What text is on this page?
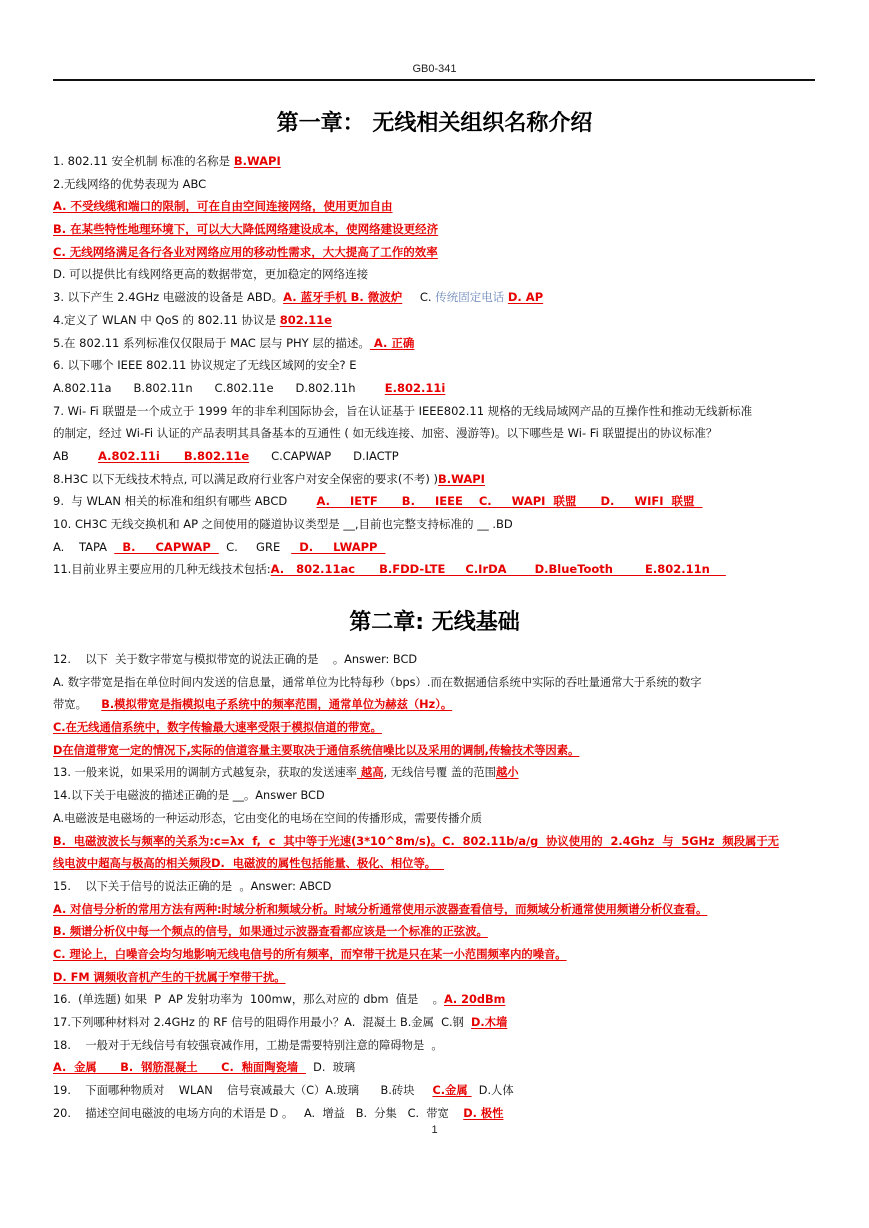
GB0-341
第一章： 无线相关组织名称介绍
1. 802.11 安全机制 标准的名称是 B.WAPI
2.无线网络的优势表现为 ABC
A. 不受线缆和端口的限制，可在自由空间连接网络，使用更加自由
B. 在某些特性地理环境下，可以大大降低网络建设成本，使网络建设更经济
C. 无线网络满足各行各业对网络应用的移动性需求，大大提高了工作的效率
D. 可以提供比有线网络更高的数据带宽，更加稳定的网络连接
3. 以下产生 2.4GHz 电磁波的设备是 ABD。A. 蓝牙手机 B. 微波炉 C. 传统固定电话 D. AP
4.定义了 WLAN 中 QoS 的 802.11 协议是 802.11e
5.在 802.11 系列标准仅仅限局于 MAC 层与 PHY 层的描述。 A. 正确
6. 以下哪个 IEEE 802.11 协议规定了无线区域网的安全? E
A.802.11a      B.802.11n      C.802.11e      D.802.11h        E.802.11i
7. Wi- Fi 联盟是一个成立于 1999 年的非牟利国际协会，旨在认证基于 IEEE802.11 规格的无线局域网产品的互操作性和推动无线新标准
的制定，经过 Wi-Fi 认证的产品表明其具备基本的互通性 ( 如无线连接、加密、漫游等)。以下哪些是 Wi- Fi 联盟提出的协议标准？
AB        A.802.11i      B.802.11e      C.CAPWAP      D.IACTP
8.H3C 以下无线技术特点, 可以满足政府行业客户对安全保密的要求(不考) )B.WAPI
9.  与 WLAN 相关的标准和组织有哪些 ABCD        A.     IETF      B.     IEEE    C.     WAPI  联盟      D.     WIFI  联盟
10. CH3C 无线交换机和 AP 之间使用的隧道协议类型是 __,目前也完整支持标准的 __ .BD
A.    TAPA    B.     CAPWAP    C.     GRE     D.     LWAPP
11.目前业界主要应用的几种无线技术包括:A.   802.11ac      B.FDD-LTE     C.IrDA       D.BlueTooth        E.802.11n
第二章: 无线基础
12.    以下  关于数字带宽与模拟带宽的说法正确的是    。Answer: BCD
A. 数字带宽是指在单位时间内发送的信息量，通常单位为比特每秒（bps）.而在数据通信系统中实际的吞吐量通常大于系统的数字
带宽。    B.模拟带宽是指模拟电子系统中的频率范围，通常单位为赫兹（Hz）。
C.在无线通信系统中，数字传输最大速率受限于模拟信道的带宽。
D在信道带宽一定的情况下,实际的信道容量主要取决于通信系统信噪比以及采用的调制,传输技术等因素。
13. 一般来说，如果采用的调制方式越复杂，获取的发送速率 越高, 无线信号覆 盖的范围越小
14.以下关于电磁波的描述正确的是 __。Answer BCD
A.电磁波是电磁场的一种运动形态，它由变化的电场在空间的传播形成，需要传播介质
B.  电磁波波长与频率的关系为:c=λx  f,  c  其中等于光速(3*10^8m/s)。C.  802.11b/a/g  协议使用的  2.4Ghz  与  5GHz  频段属于无
线电波中超高与极高的相关频段D.  电磁波的属性包括能量、极化、相位等。
15.    以下关于信号的说法正确的是  。Answer: ABCD
A. 对信号分析的常用方法有两种:时域分析和频域分析。时域分析通常使用示波器查看信号，而频域分析通常使用频谱分析仪查看。
B. 频谱分析仪中每一个频点的信号，如果通过示波器查看都应该是一个标准的正弦波。
C. 理论上，白噪音会均匀地影响无线电信号的所有频率，而窄带干扰是只在某一小范围频率内的噪音。
D. FM 调频收音机产生的干扰属于窄带干扰。
16.  (单选题) 如果  P  AP 发射功率为  100mw，那么对应的 dbm  值是    。A. 20dBm
17.下列哪种材料对 2.4GHz 的 RF 信号的阻碍作用最小？A.  混凝土 B.金属  C.钢  D.木墙
18.    一般对于无线信号有较强衰减作用，工勘是需要特别注意的障碍物是  。
A.  金属      B.  钢筋混凝土      C.  釉面陶瓷墙    D.  玻璃
19.    下面哪种物质对    WLAN    信号衰减最大（C）A.玻璃      B.砖块     C.金属   D.人体
20.    描述空间电磁波的电场方向的术语是 D 。   A.  增益   B.  分集   C.  带宽    D. 极性
1
